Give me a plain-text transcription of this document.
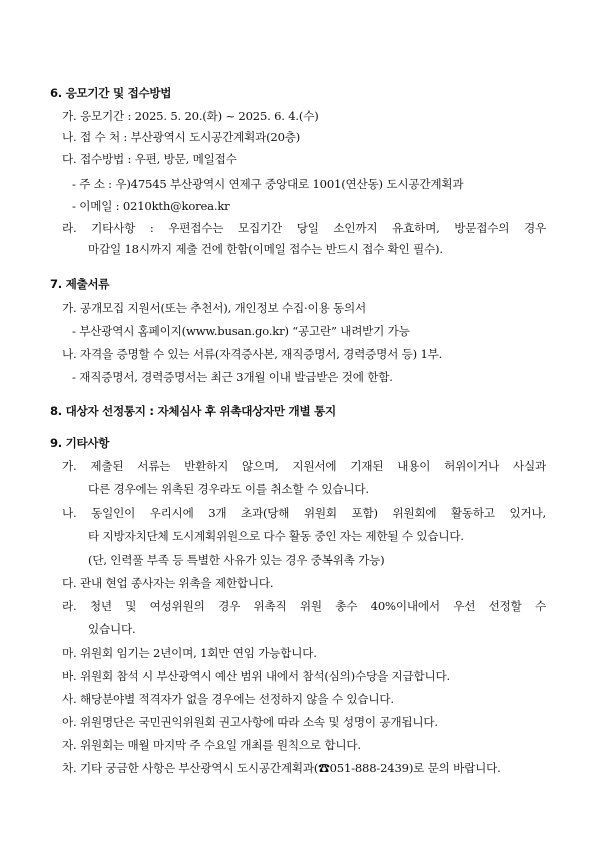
6. 응모기간 및 접수방법
가. 응모기간 : 2025. 5. 20.(화) ~ 2025. 6. 4.(수)
나. 접 수 처 : 부산광역시 도시공간계획과(20층)
다. 접수방법 : 우편, 방문, 메일접수
- 주 소 : 우)47545 부산광역시 연제구 중앙대로 1001(연산동) 도시공간계획과
- 이메일 : 0210kth@korea.kr
라. 기타사항 : 우편접수는 모집기간 당일 소인까지 유효하며, 방문접수의 경우
마감일 18시까지 제출 건에 한함(이메일 접수는 반드시 접수 확인 필수).
7. 제출서류
가. 공개모집 지원서(또는 추천서), 개인정보 수집·이용 동의서
- 부산광역시 홈페이지(www.busan.go.kr) “공고란” 내려받기 가능
나. 자격을 증명할 수 있는 서류(자격증사본, 재직증명서, 경력증명서 등) 1부.
- 재직증명서, 경력증명서는 최근 3개월 이내 발급받은 것에 한함.
8. 대상자 선정통지 : 자체심사 후 위촉대상자만 개별 통지
9. 기타사항
가. 제출된 서류는 반환하지 않으며, 지원서에 기재된 내용이 허위이거나 사실과
다른 경우에는 위촉된 경우라도 이를 취소할 수 있습니다.
나. 동일인이 우리시에 3개 초과(당해 위원회 포함) 위원회에 활동하고 있거나,
타 지방자치단체 도시계획위원으로 다수 활동 중인 자는 제한될 수 있습니다.
(단, 인력풀 부족 등 특별한 사유가 있는 경우 중복위촉 가능)
다. 관내 현업 종사자는 위촉을 제한합니다.
라. 청년 및 여성위원의 경우 위촉직 위원 총수 40%이내에서 우선 선정할 수
있습니다.
마. 위원회 임기는 2년이며, 1회만 연임 가능합니다.
바. 위원회 참석 시 부산광역시 예산 범위 내에서 참석(심의)수당을 지급합니다.
사. 해당분야별 적격자가 없을 경우에는 선정하지 않을 수 있습니다.
아. 위원명단은 국민권익위원회 권고사항에 따라 소속 및 성명이 공개됩니다.
자. 위원회는 매월 마지막 주 수요일 개최를 원칙으로 합니다.
차. 기타 궁금한 사항은 부산광역시 도시공간계획과(☎051-888-2439)로 문의 바랍니다.
